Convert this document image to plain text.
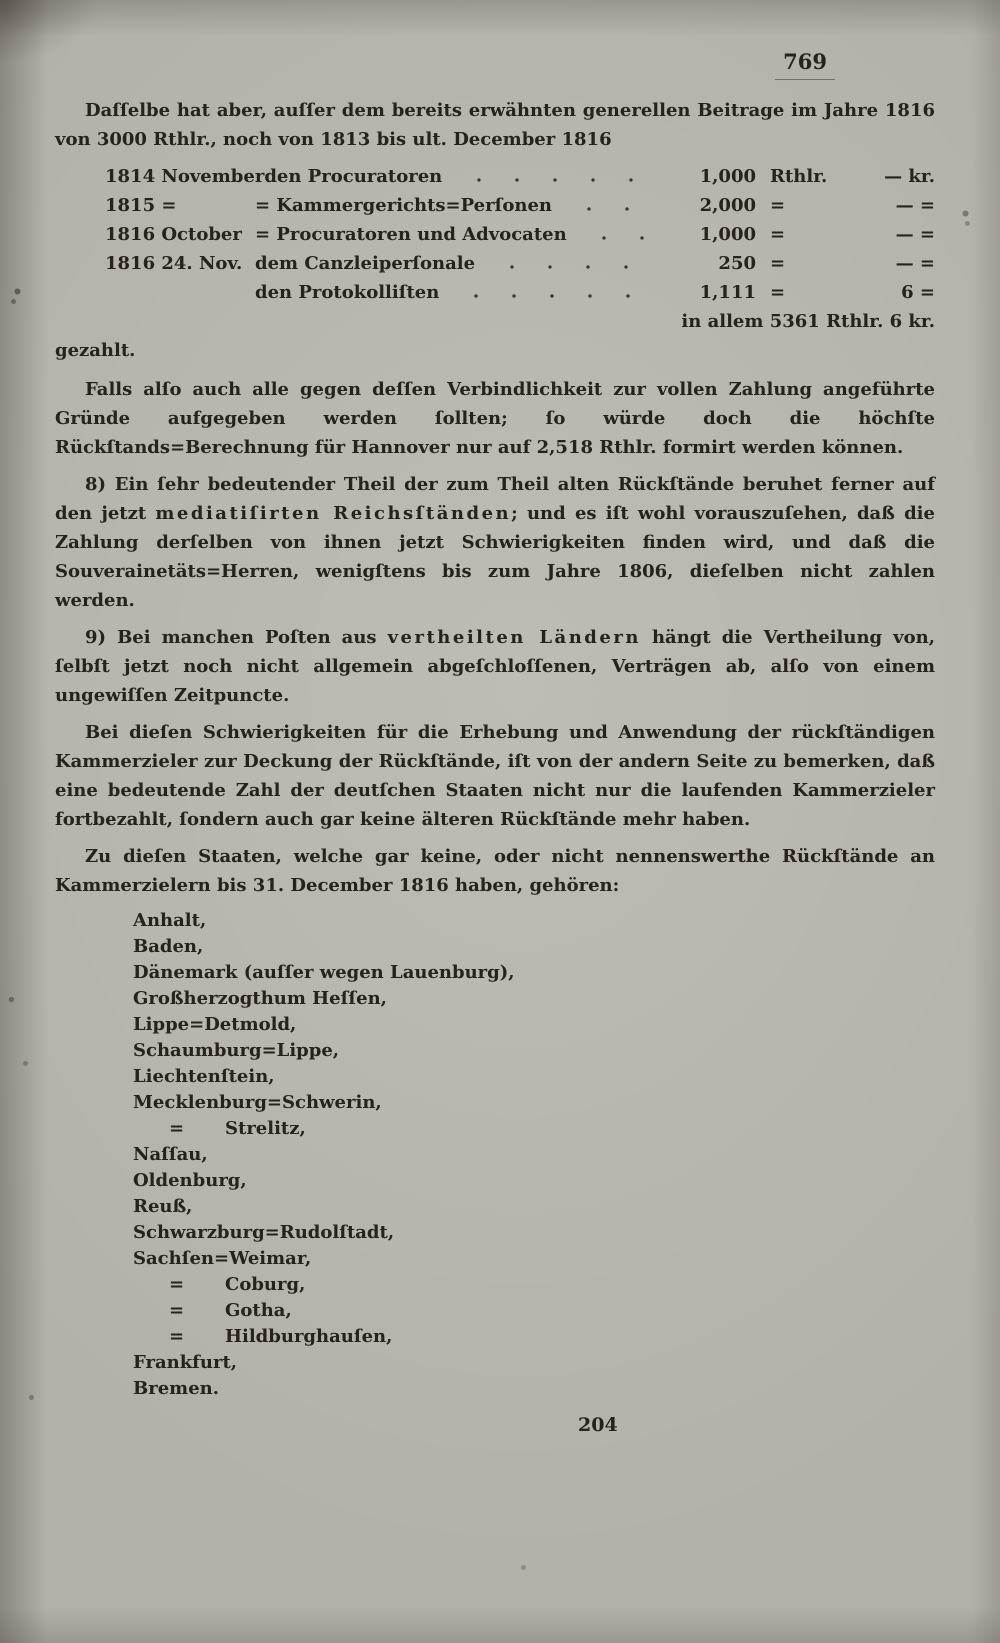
769

Daſſelbe hat aber, auſſer dem bereits erwähnten generellen Beitrage im Jahre 1816 von 3000 Rthlr., noch von 1813 bis ult. December 1816

1814 November den Procuratoren	1,000 Rthlr.	— kr.
1815 =	= Kammergerichts=Perſonen	2,000 =	— =
1816 October = Procuratoren und Advocaten	1,000 =	— =
1816 24. Nov. dem Canzleiperſonale	250 =	— =
den Protokolliſten	1,111 =	6 =
in allem 5361 Rthlr. 6 kr.
gezahlt.

Falls alſo auch alle gegen deſſen Verbindlichkeit zur vollen Zahlung angeführte Gründe aufgegeben werden ſollten; ſo würde doch die höchſte Rückſtands=Berechnung für Hannover nur auf 2,518 Rthlr. formirt werden können.

8) Ein ſehr bedeutender Theil der zum Theil alten Rückſtände beruhet ferner auf den jetzt mediatiſirten Reichsſtänden; und es iſt wohl vorauszuſehen, daß die Zahlung derſelben von ihnen jetzt Schwierigkeiten finden wird, und daß die Souverainetäts=Herren, wenigſtens bis zum Jahre 1806, dieſelben nicht zahlen werden.

9) Bei manchen Poſten aus vertheilten Ländern hängt die Vertheilung von, ſelbſt jetzt noch nicht allgemein abgeſchloſſenen, Verträgen ab, alſo von einem ungewiſſen Zeitpuncte.

Bei dieſen Schwierigkeiten für die Erhebung und Anwendung der rückſtändigen Kammerzieler zur Deckung der Rückſtände, iſt von der andern Seite zu bemerken, daß eine bedeutende Zahl der deutſchen Staaten nicht nur die laufenden Kammerzieler fortbezahlt, ſondern auch gar keine älteren Rückſtände mehr haben.

Zu dieſen Staaten, welche gar keine, oder nicht nennenswerthe Rückſtände an Kammerzielern bis 31. December 1816 haben, gehören:

Anhalt,
Baden,
Dänemark (auſſer wegen Lauenburg),
Großherzogthum Heſſen,
Lippe=Detmold,
Schaumburg=Lippe,
Liechtenſtein,
Mecklenburg=Schwerin,
= Strelitz,
Naſſau,
Oldenburg,
Reuß,
Schwarzburg=Rudolſtadt,
Sachſen=Weimar,
= Coburg,
= Gotha,
= Hildburghauſen,
Frankfurt,
Bremen.
204
